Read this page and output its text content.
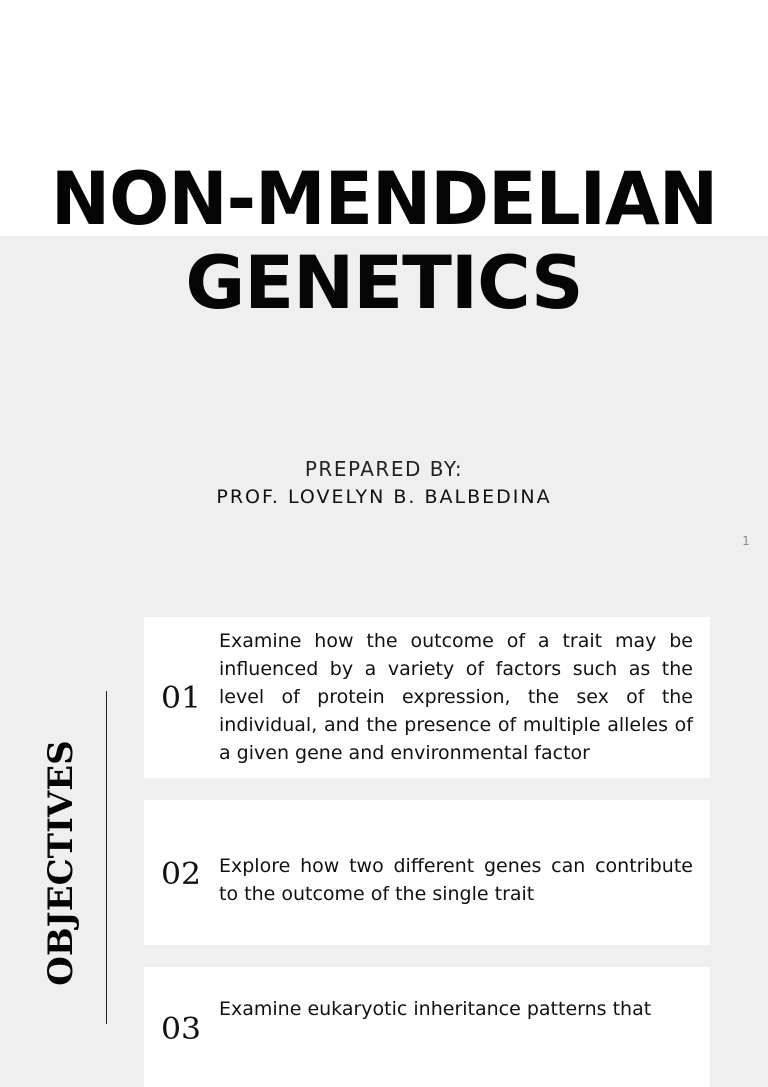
NON-MENDELIAN
GENETICS
PREPARED BY:
PROF. LOVELYN B. BALBEDINA
1
OBJECTIVES
01

Examine how the outcome of a trait may be influenced by a variety of factors such as the level of protein expression, the sex of the individual, and the presence of multiple alleles of a given gene and environmental factor

02 Explore how two different genes can contribute to the outcome of the single trait

03

Examine eukaryotic inheritance patterns that
